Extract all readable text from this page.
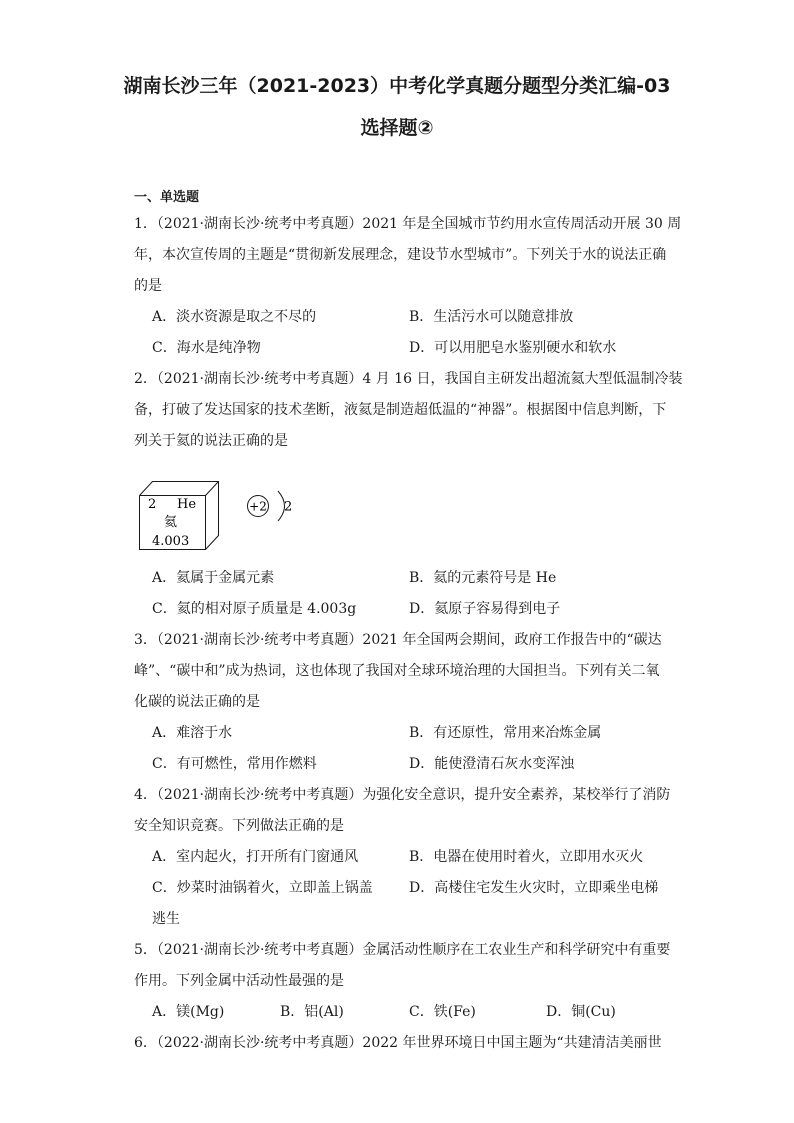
湖南长沙三年（2021-2023）中考化学真题分题型分类汇编-03
选择题②
一、单选题
1．（2021·湖南长沙·统考中考真题）2021 年是全国城市节约用水宣传周活动开展 30 周
年，本次宣传周的主题是“贯彻新发展理念，建设节水型城市”。下列关于水的说法正确
的是
A．淡水资源是取之不尽的	B．生活污水可以随意排放
C．海水是纯净物	D．可以用肥皂水鉴别硬水和软水
2．（2021·湖南长沙·统考中考真题）4 月 16 日，我国自主研发出超流氦大型低温制冷装
备，打破了发达国家的技术垄断，液氦是制造超低温的“神器”。根据图中信息判断，下
列关于氦的说法正确的是
2 He
氦
4.003
+2 2
A．氦属于金属元素	B．氦的元素符号是 He
C．氦的相对原子质量是 4.003g	D．氦原子容易得到电子
3．（2021·湖南长沙·统考中考真题）2021 年全国两会期间，政府工作报告中的“碳达
峰”、“碳中和”成为热词，这也体现了我国对全球环境治理的大国担当。下列有关二氧
化碳的说法正确的是
A．难溶于水	B．有还原性，常用来冶炼金属
C．有可燃性，常用作燃料	D．能使澄清石灰水变浑浊
4．（2021·湖南长沙·统考中考真题）为强化安全意识，提升安全素养，某校举行了消防
安全知识竞赛。下列做法正确的是
A．室内起火，打开所有门窗通风	B．电器在使用时着火，立即用水灭火
C．炒菜时油锅着火，立即盖上锅盖	D．高楼住宅发生火灾时，立即乘坐电梯
逃生
5．（2021·湖南长沙·统考中考真题）金属活动性顺序在工农业生产和科学研究中有重要
作用。下列金属中活动性最强的是
A．镁(Mg)	B．铝(Al)	C．铁(Fe)	D．铜(Cu)
6．（2022·湖南长沙·统考中考真题）2022 年世界环境日中国主题为“共建清洁美丽世
